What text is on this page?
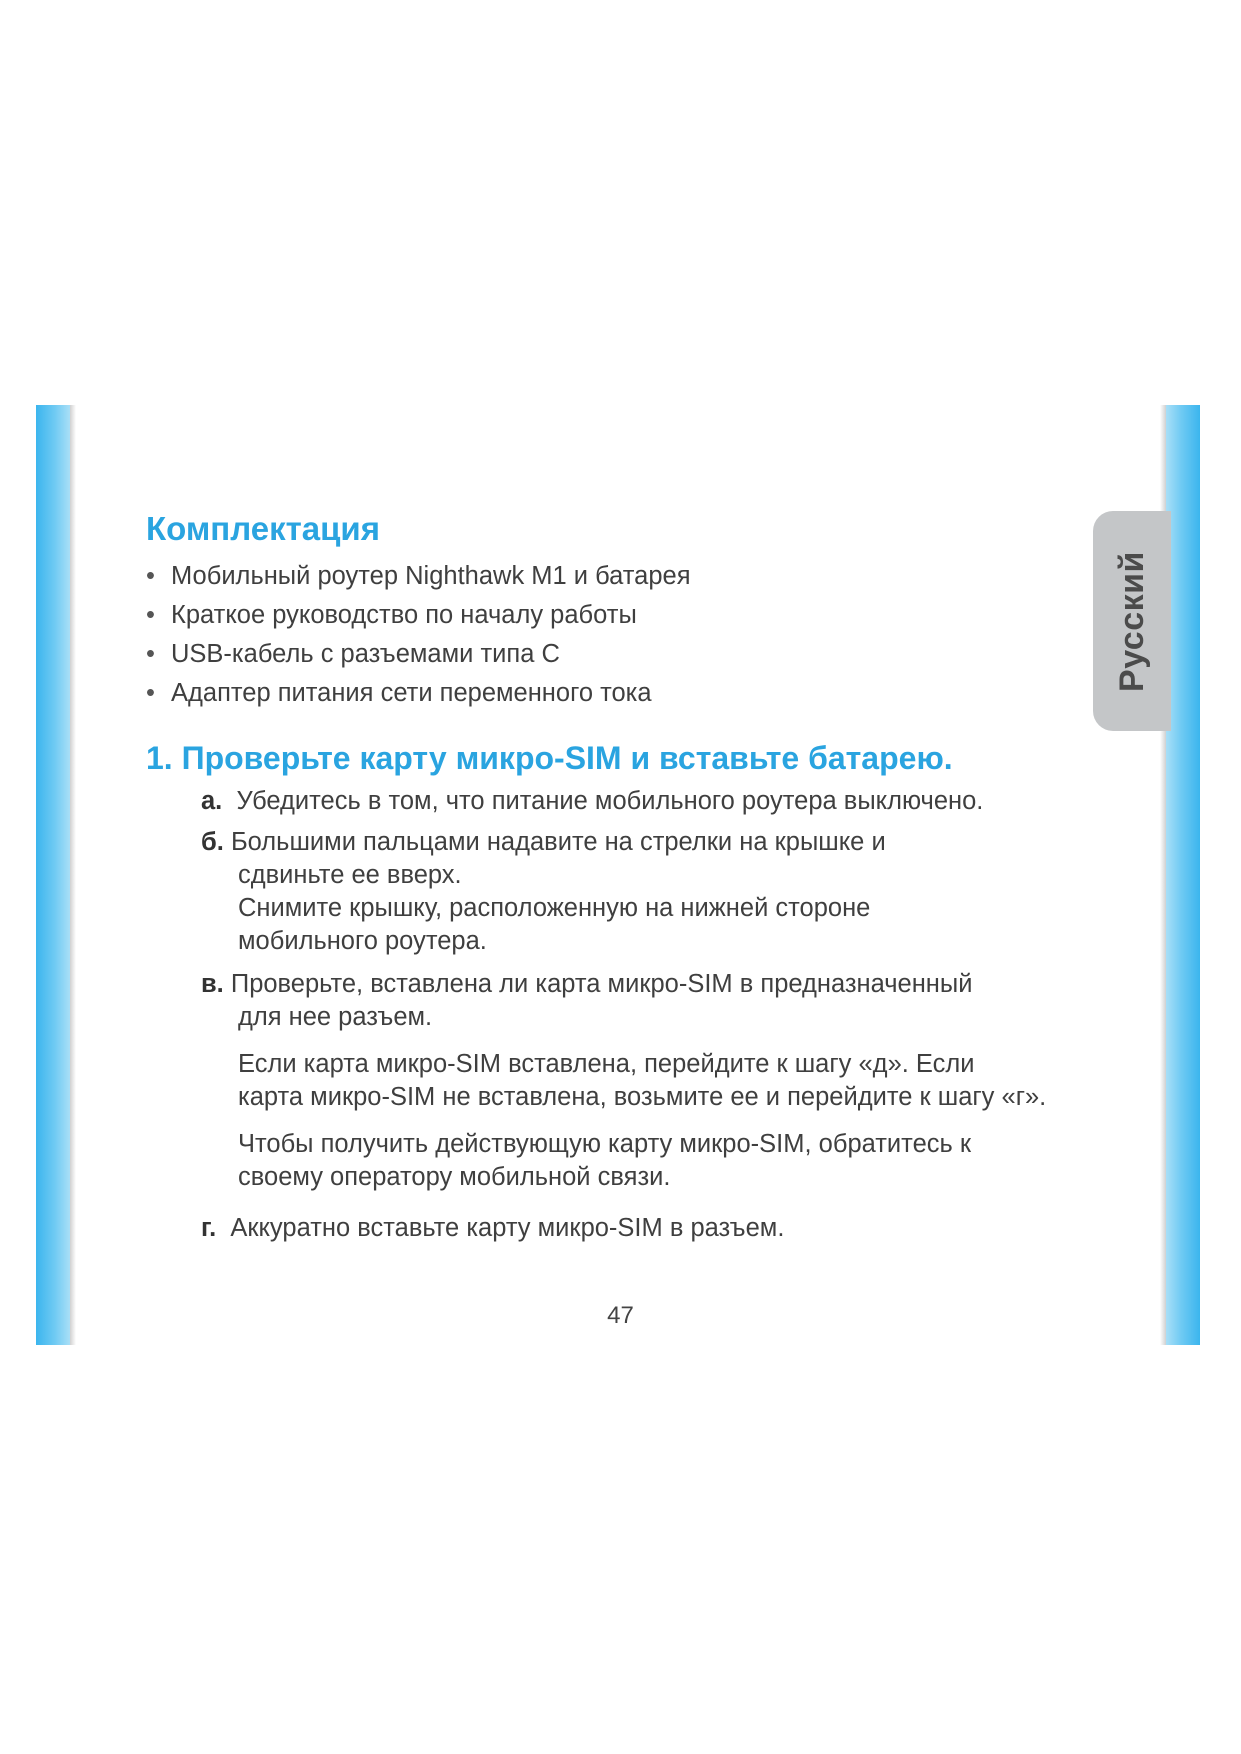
Русский
Комплектация
• Мобильный роутер Nighthawk M1 и батарея
• Краткое руководство по началу работы
• USB-кабель с разъемами типа C
• Адаптер питания сети переменного тока
1. Проверьте карту микро-SIM и вставьте батарею.
а. Убедитесь в том, что питание мобильного роутера выключено.
б. Большими пальцами надавите на стрелки на крышке и
сдвиньте ее вверх.
Снимите крышку, расположенную на нижней стороне
мобильного роутера.
в. Проверьте, вставлена ли карта микро-SIM в предназначенный
для нее разъем.
Если карта микро-SIM вставлена, перейдите к шагу «д». Если
карта микро-SIM не вставлена, возьмите ее и перейдите к шагу «г».
Чтобы получить действующую карту микро-SIM, обратитесь к
своему оператору мобильной связи.
г. Аккуратно вставьте карту микро-SIM в разъем.
47
